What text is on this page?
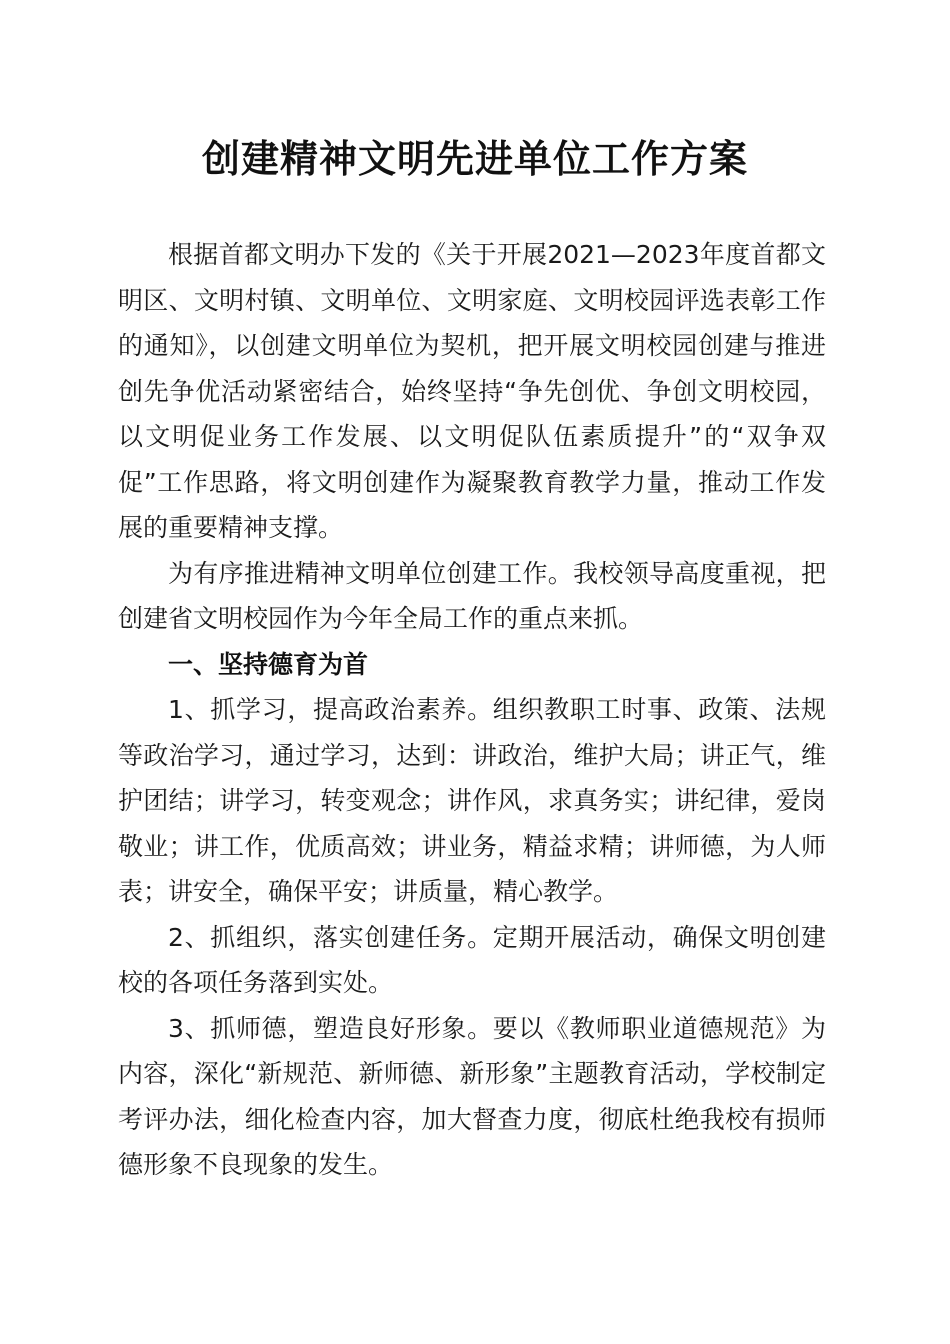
创建精神文明先进单位工作方案

根据首都文明办下发的《关于开展2021—2023年度首都文明区、文明村镇、文明单位、文明家庭、文明校园评选表彰工作的通知》，以创建文明单位为契机，把开展文明校园创建与推进创先争优活动紧密结合，始终坚持“争先创优、争创文明校园，以文明促业务工作发展、以文明促队伍素质提升”的“双争双促”工作思路，将文明创建作为凝聚教育教学力量，推动工作发展的重要精神支撑。

为有序推进精神文明单位创建工作。我校领导高度重视，把创建省文明校园作为今年全局工作的重点来抓。

一、坚持德育为首

1、抓学习，提高政治素养。组织教职工时事、政策、法规等政治学习，通过学习，达到：讲政治，维护大局；讲正气，维护团结；讲学习，转变观念；讲作风，求真务实；讲纪律，爱岗敬业；讲工作，优质高效；讲业务，精益求精；讲师德，为人师表；讲安全，确保平安；讲质量，精心教学。

2、抓组织，落实创建任务。定期开展活动，确保文明创建校的各项任务落到实处。

3、抓师德，塑造良好形象。要以《教师职业道德规范》为内容，深化“新规范、新师德、新形象”主题教育活动，学校制定考评办法，细化检查内容，加大督查力度，彻底杜绝我校有损师德形象不良现象的发生。
